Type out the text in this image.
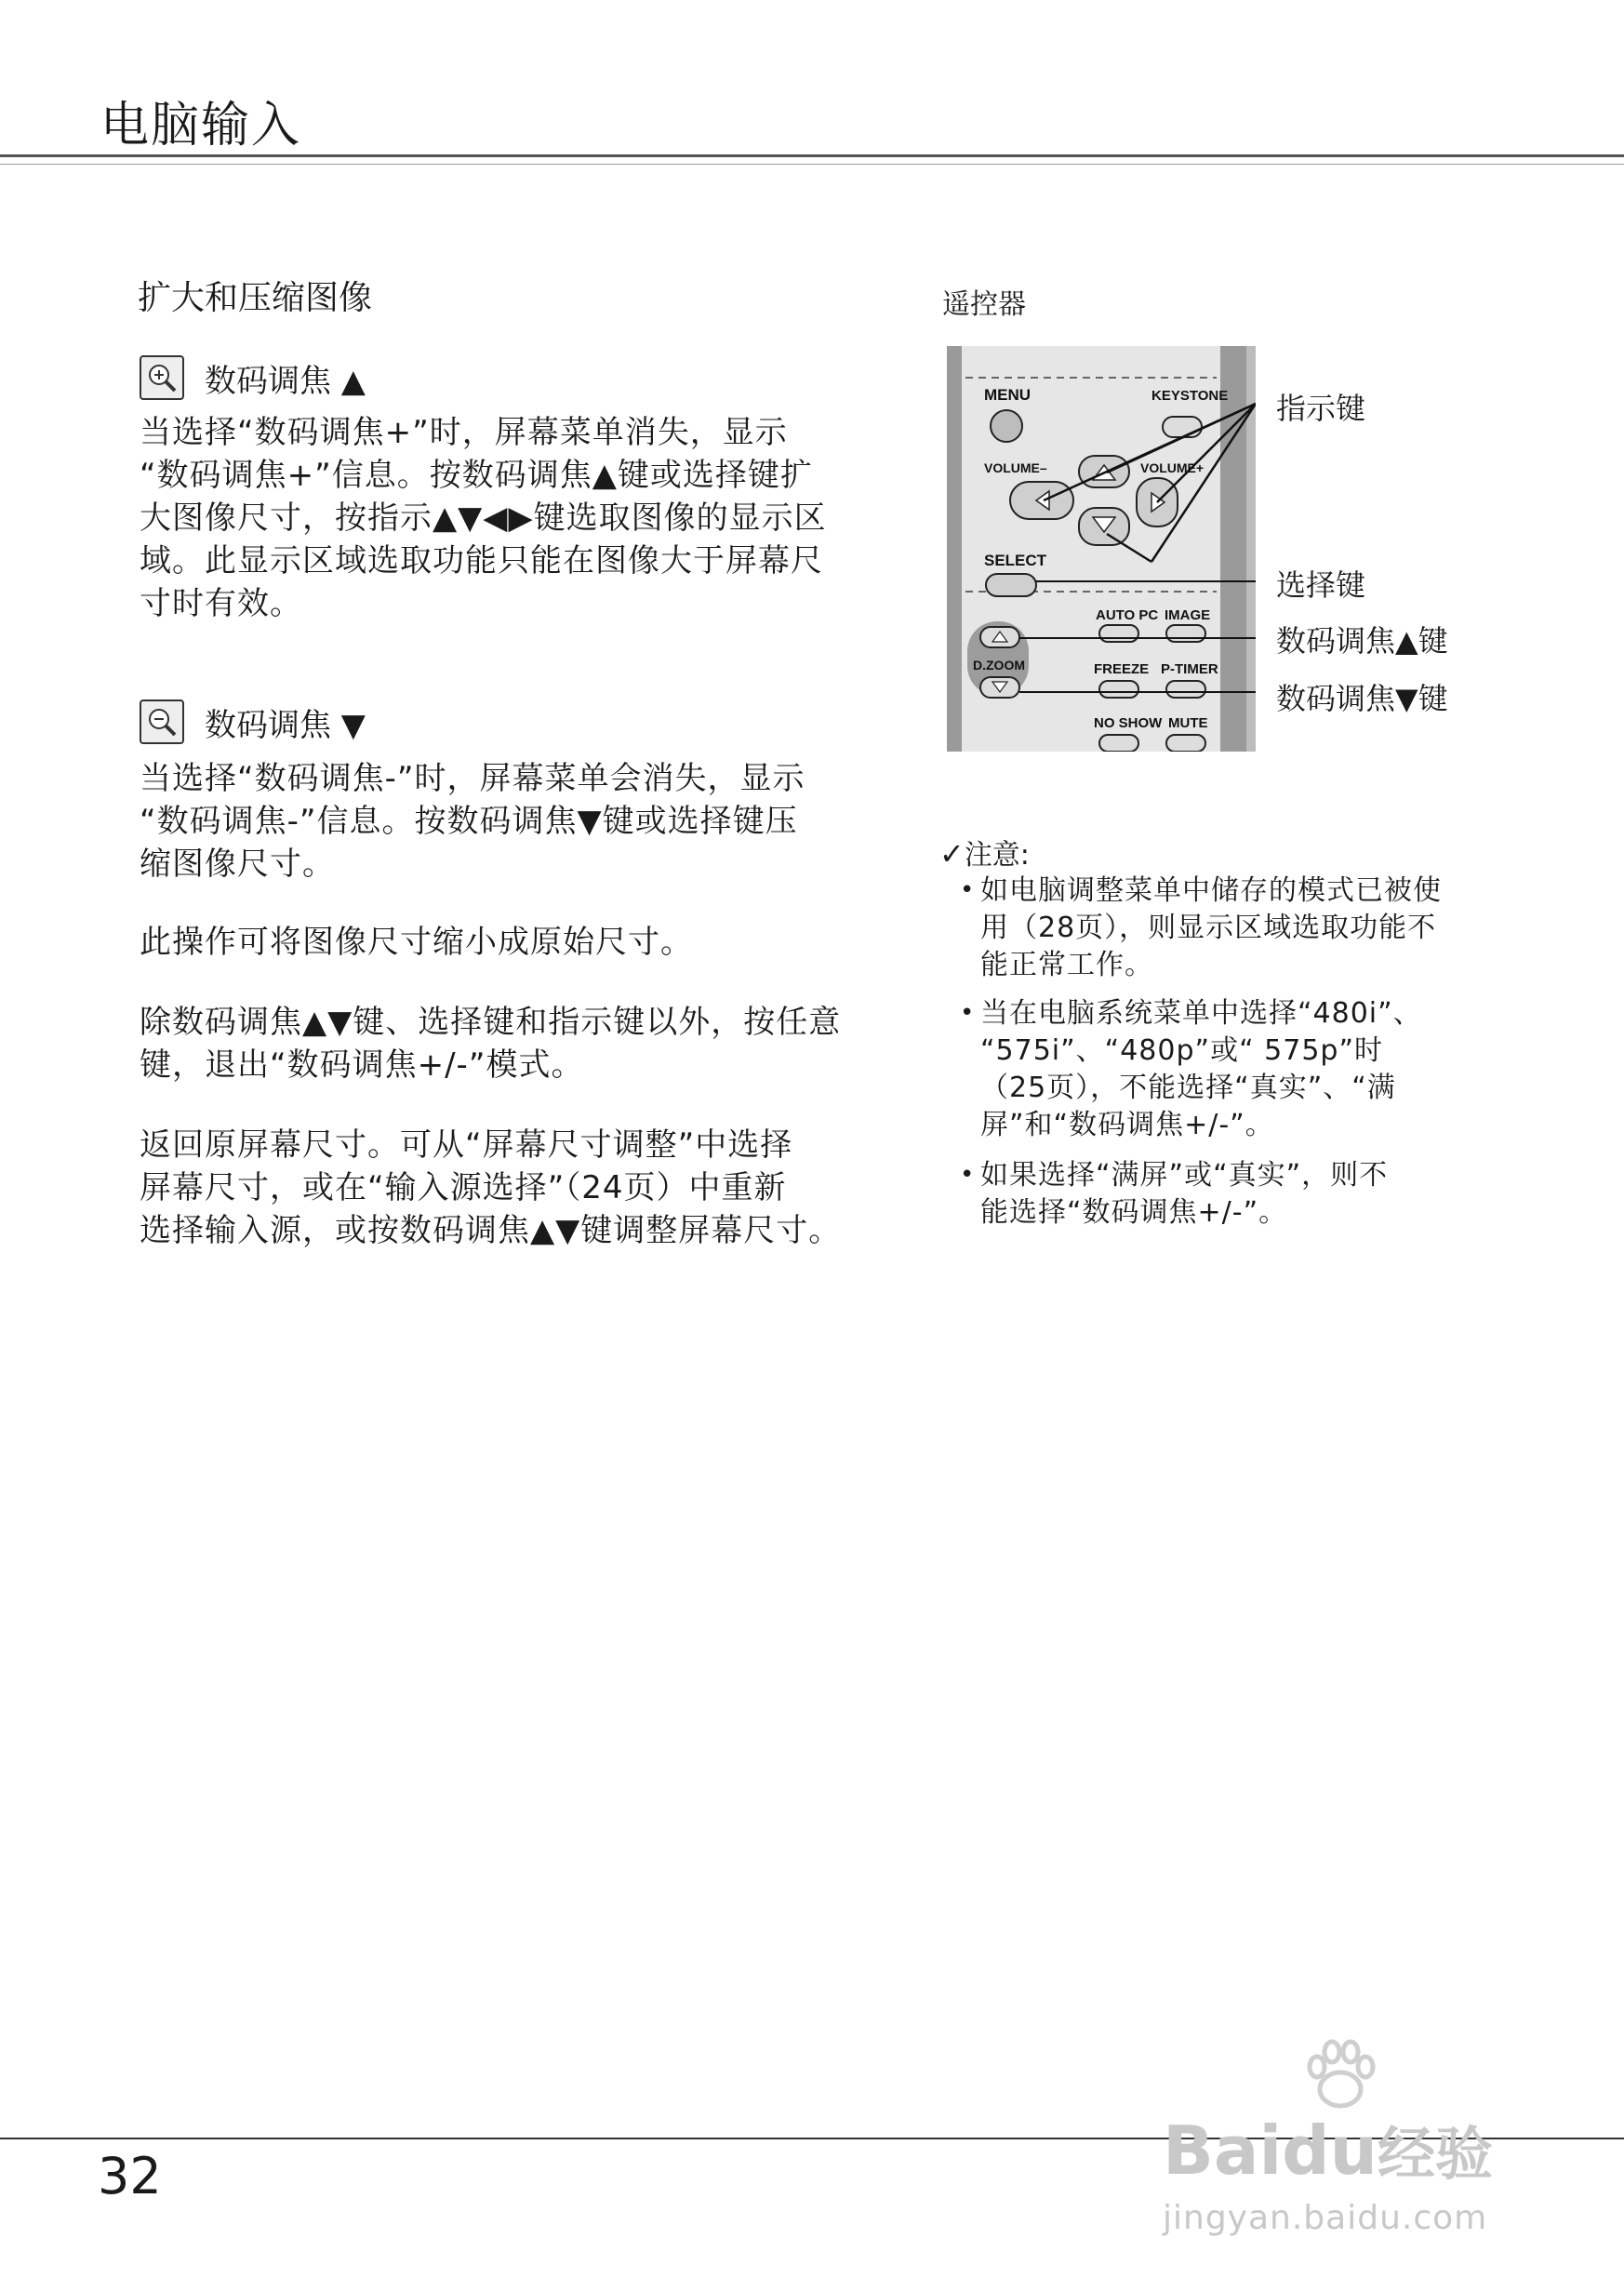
电脑输入
扩大和压缩图像
数码调焦 ▲
当选择“数码调焦+”时，屏幕菜单消失，显示
“数码调焦+”信息。按数码调焦▲键或选择键扩
大图像尺寸，按指示▲▼◀▶键选取图像的显示区
域。此显示区域选取功能只能在图像大于屏幕尺
寸时有效。
数码调焦 ▼
当选择“数码调焦-”时，屏幕菜单会消失，显示
“数码调焦-”信息。按数码调焦▼键或选择键压
缩图像尺寸。
此操作可将图像尺寸缩小成原始尺寸。
除数码调焦▲▼键、选择键和指示键以外，按任意
键，退出“数码调焦+/-”模式。
返回原屏幕尺寸。可从“屏幕尺寸调整”中选择
屏幕尺寸，或在“输入源选择”（24页）中重新
选择输入源，或按数码调焦▲▼键调整屏幕尺寸。
遥控器
MENU	KEYSTONE
VOLUME–	VOLUME+
SELECT
AUTO PC IMAGE
D.ZOOM	FREEZE P-TIMER
NO SHOW MUTE
指示键
选择键
数码调焦▲键
数码调焦▼键
✓注意:
• 如电脑调整菜单中储存的模式已被使
用（28页），则显示区域选取功能不
能正常工作。
• 当在电脑系统菜单中选择“480i”、
“575i”、“480p”或“ 575p”时
（25页），不能选择“真实”、“满
屏”和“数码调焦+/-”。
• 如果选择“满屏”或“真实”，则不
能选择“数码调焦+/-”。
32	Baidu经验
jingyan.baidu.com
